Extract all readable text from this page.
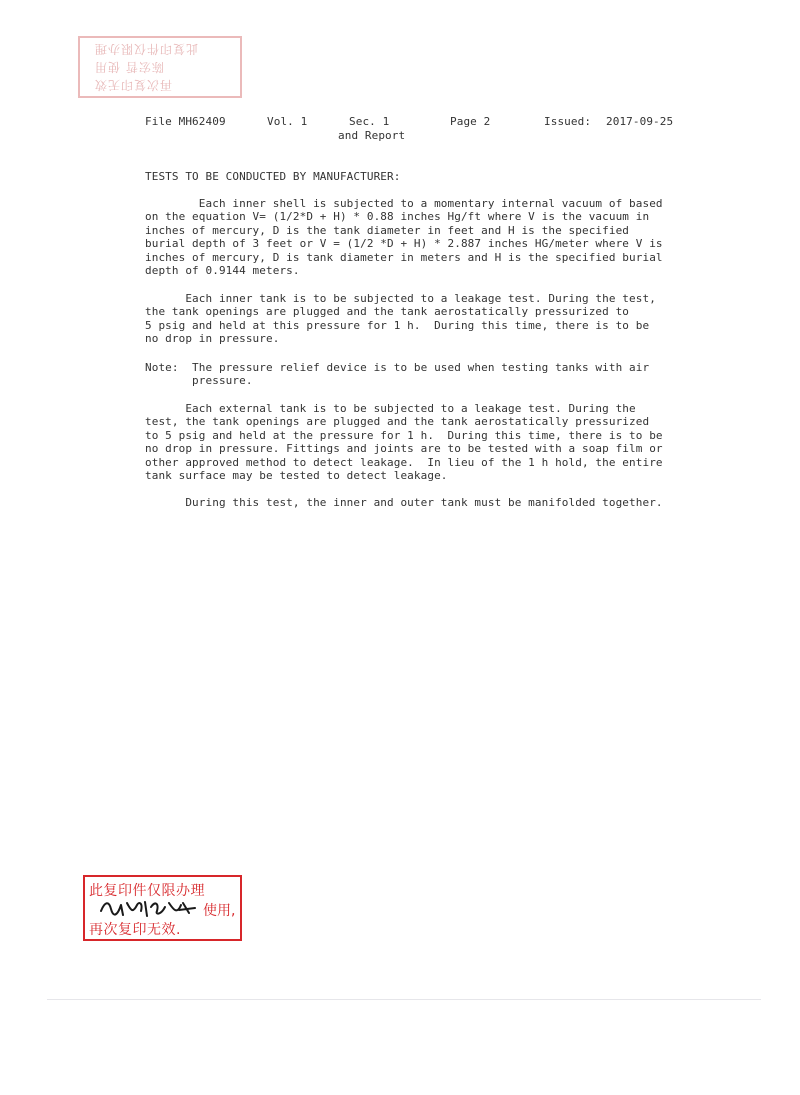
此复印件仅限办理
陈宏哲 使用
再次复印无效
File MH62409	Vol. 1	Sec. 1
and Report
Page 2	Issued: 2017-09-25
TESTS TO BE CONDUCTED BY MANUFACTURER:
Each inner shell is subjected to a momentary internal vacuum of based
on the equation V= (1/2*D + H) * 0.88 inches Hg/ft where V is the vacuum in
inches of mercury, D is the tank diameter in feet and H is the specified
burial depth of 3 feet or V = (1/2 *D + H) * 2.887 inches HG/meter where V is
inches of mercury, D is tank diameter in meters and H is the specified burial
depth of 0.9144 meters.
Each inner tank is to be subjected to a leakage test. During the test,
the tank openings are plugged and the tank aerostatically pressurized to
5 psig and held at this pressure for 1 h.  During this time, there is to be
no drop in pressure.
Note:  The pressure relief device is to be used when testing tanks with air
pressure.
Each external tank is to be subjected to a leakage test. During the
test, the tank openings are plugged and the tank aerostatically pressurized
to 5 psig and held at the pressure for 1 h.  During this time, there is to be
no drop in pressure. Fittings and joints are to be tested with a soap film or
other approved method to detect leakage.  In lieu of the 1 h hold, the entire
tank surface may be tested to detect leakage.
During this test, the inner and outer tank must be manifolded together.
此复印件仅限办理
使用,
再次复印无效.
